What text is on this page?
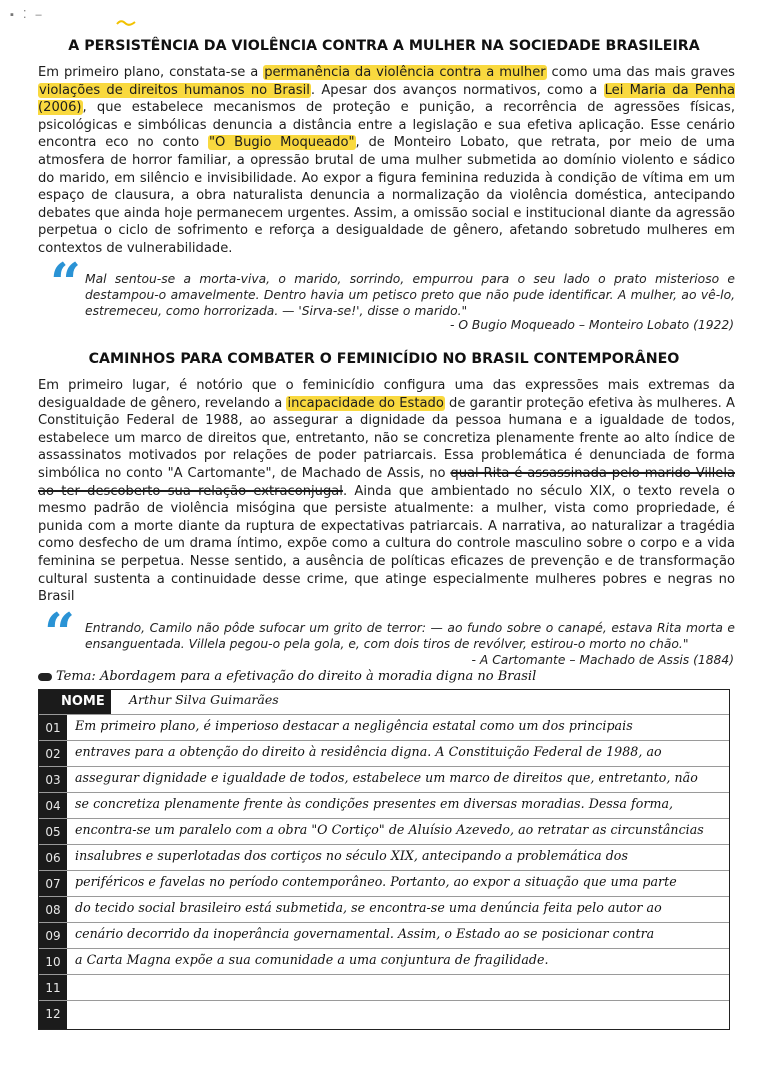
▪ ⁚ –
A PERSISTÊNCIA DA VIOLÊNCIA CONTRA A MULHER NA SOCIEDADE BRASILEIRA

Em primeiro plano, constata-se a permanência da violência contra a mulher como uma das mais graves violações de direitos humanos no Brasil. Apesar dos avanços normativos, como a Lei Maria da Penha (2006), que estabelece mecanismos de proteção e punição, a recorrência de agressões físicas, psicológicas e simbólicas denuncia a distância entre a legislação e sua efetiva aplicação. Esse cenário encontra eco no conto "O Bugio Moqueado", de Monteiro Lobato, que retrata, por meio de uma atmosfera de horror familiar, a opressão brutal de uma mulher submetida ao domínio violento e sádico do marido, em silêncio e invisibilidade. Ao expor a figura feminina reduzida à condição de vítima em um espaço de clausura, a obra naturalista denuncia a normalização da violência doméstica, antecipando debates que ainda hoje permanecem urgentes. Assim, a omissão social e institucional diante da agressão perpetua o ciclo de sofrimento e reforça a desigualdade de gênero, afetando sobretudo mulheres em contextos de vulnerabilidade.

“ Mal sentou-se a morta-viva, o marido, sorrindo, empurrou para o seu lado o prato misterioso e destampou-o amavelmente. Dentro havia um petisco preto que não pude identificar. A mulher, ao vê-lo, estremeceu, como horrorizada. — 'Sirva-se!', disse o marido."

- O Bugio Moqueado – Monteiro Lobato (1922)
CAMINHOS PARA COMBATER O FEMINICÍDIO NO BRASIL CONTEMPORÂNEO

Em primeiro lugar, é notório que o feminicídio configura uma das expressões mais extremas da desigualdade de gênero, revelando a incapacidade do Estado de garantir proteção efetiva às mulheres. A Constituição Federal de 1988, ao assegurar a dignidade da pessoa humana e a igualdade de todos, estabelece um marco de direitos que, entretanto, não se concretiza plenamente frente ao alto índice de assassinatos motivados por relações de poder patriarcais. Essa problemática é denunciada de forma simbólica no conto "A Cartomante", de Machado de Assis, no qual Rita é assassinada pelo marido Villela ao ter descoberto sua relação extraconjugal. Ainda que ambientado no século XIX, o texto revela o mesmo padrão de violência misógina que persiste atualmente: a mulher, vista como propriedade, é punida com a morte diante da ruptura de expectativas patriarcais. A narrativa, ao naturalizar a tragédia como desfecho de um drama íntimo, expõe como a cultura do controle masculino sobre o corpo e a vida feminina se perpetua. Nesse sentido, a ausência de políticas eficazes de prevenção e de transformação cultural sustenta a continuidade desse crime, que atinge especialmente mulheres pobres e negras no Brasil

“ Entrando, Camilo não pôde sufocar um grito de terror: — ao fundo sobre o canapé, estava Rita morta e ensanguentada. Villela pegou-o pela gola, e, com dois tiros de revólver, estirou-o morto no chão."

- A Cartomante – Machado de Assis (1884)
Tema: Abordagem para a efetivação do direito à moradia digna no Brasil
NOME	Arthur Silva Guimarães
01	Em primeiro plano, é imperioso destacar a negligência estatal como um dos principais
02	entraves para a obtenção do direito à residência digna. A Constituição Federal de 1988, ao
03	assegurar dignidade e igualdade de todos, estabelece um marco de direitos que, entretanto, não
04	se concretiza plenamente frente às condições presentes em diversas moradias. Dessa forma,
05	encontra-se um paralelo com a obra "O Cortiço" de Aluísio Azevedo, ao retratar as circunstâncias
06	insalubres e superlotadas dos cortiços no século XIX, antecipando a problemática dos
07	periféricos e favelas no período contemporâneo. Portanto, ao expor a situação que uma parte
08	do tecido social brasileiro está submetida, se encontra-se uma denúncia feita pelo autor ao
09	cenário decorrido da inoperância governamental. Assim, o Estado ao se posicionar contra
10	a Carta Magna expõe a sua comunidade a uma conjuntura de fragilidade.
11
12
